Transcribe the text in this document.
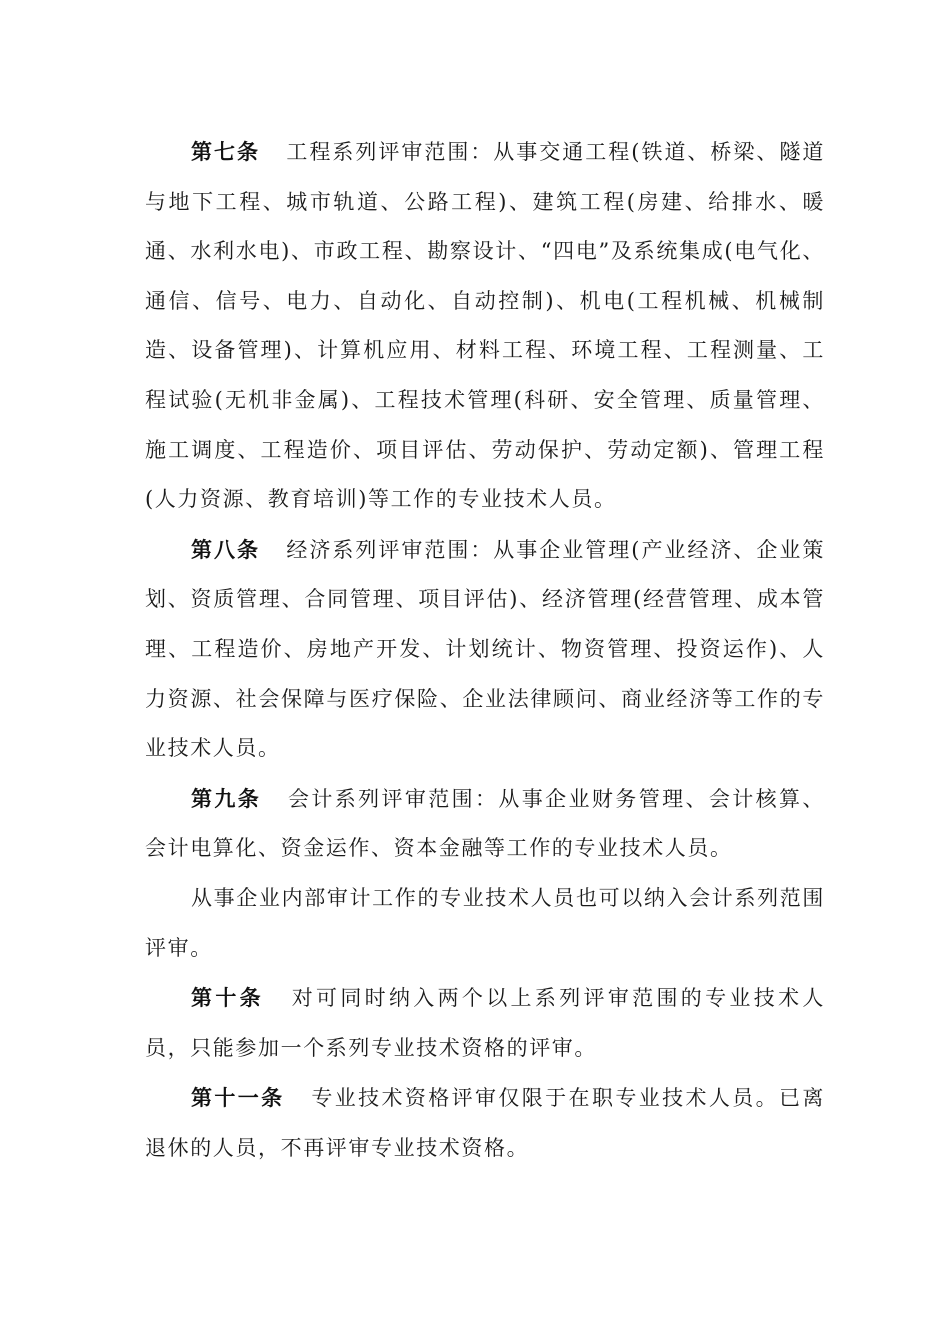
第七条 工程系列评审范围：从事交通工程(铁道、桥梁、隧道与地下工程、城市轨道、公路工程)、建筑工程(房建、给排水、暖通、水利水电)、市政工程、勘察设计、“四电”及系统集成(电气化、通信、信号、电力、自动化、自动控制)、机电(工程机械、机械制造、设备管理)、计算机应用、材料工程、环境工程、工程测量、工程试验(无机非金属)、工程技术管理(科研、安全管理、质量管理、施工调度、工程造价、项目评估、劳动保护、劳动定额)、管理工程(人力资源、教育培训)等工作的专业技术人员。

第八条 经济系列评审范围：从事企业管理(产业经济、企业策划、资质管理、合同管理、项目评估)、经济管理(经营管理、成本管理、工程造价、房地产开发、计划统计、物资管理、投资运作)、人力资源、社会保障与医疗保险、企业法律顾问、商业经济等工作的专业技术人员。

第九条 会计系列评审范围：从事企业财务管理、会计核算、会计电算化、资金运作、资本金融等工作的专业技术人员。

从事企业内部审计工作的专业技术人员也可以纳入会计系列范围评审。

第十条 对可同时纳入两个以上系列评审范围的专业技术人员，只能参加一个系列专业技术资格的评审。

第十一条 专业技术资格评审仅限于在职专业技术人员。已离退休的人员，不再评审专业技术资格。
